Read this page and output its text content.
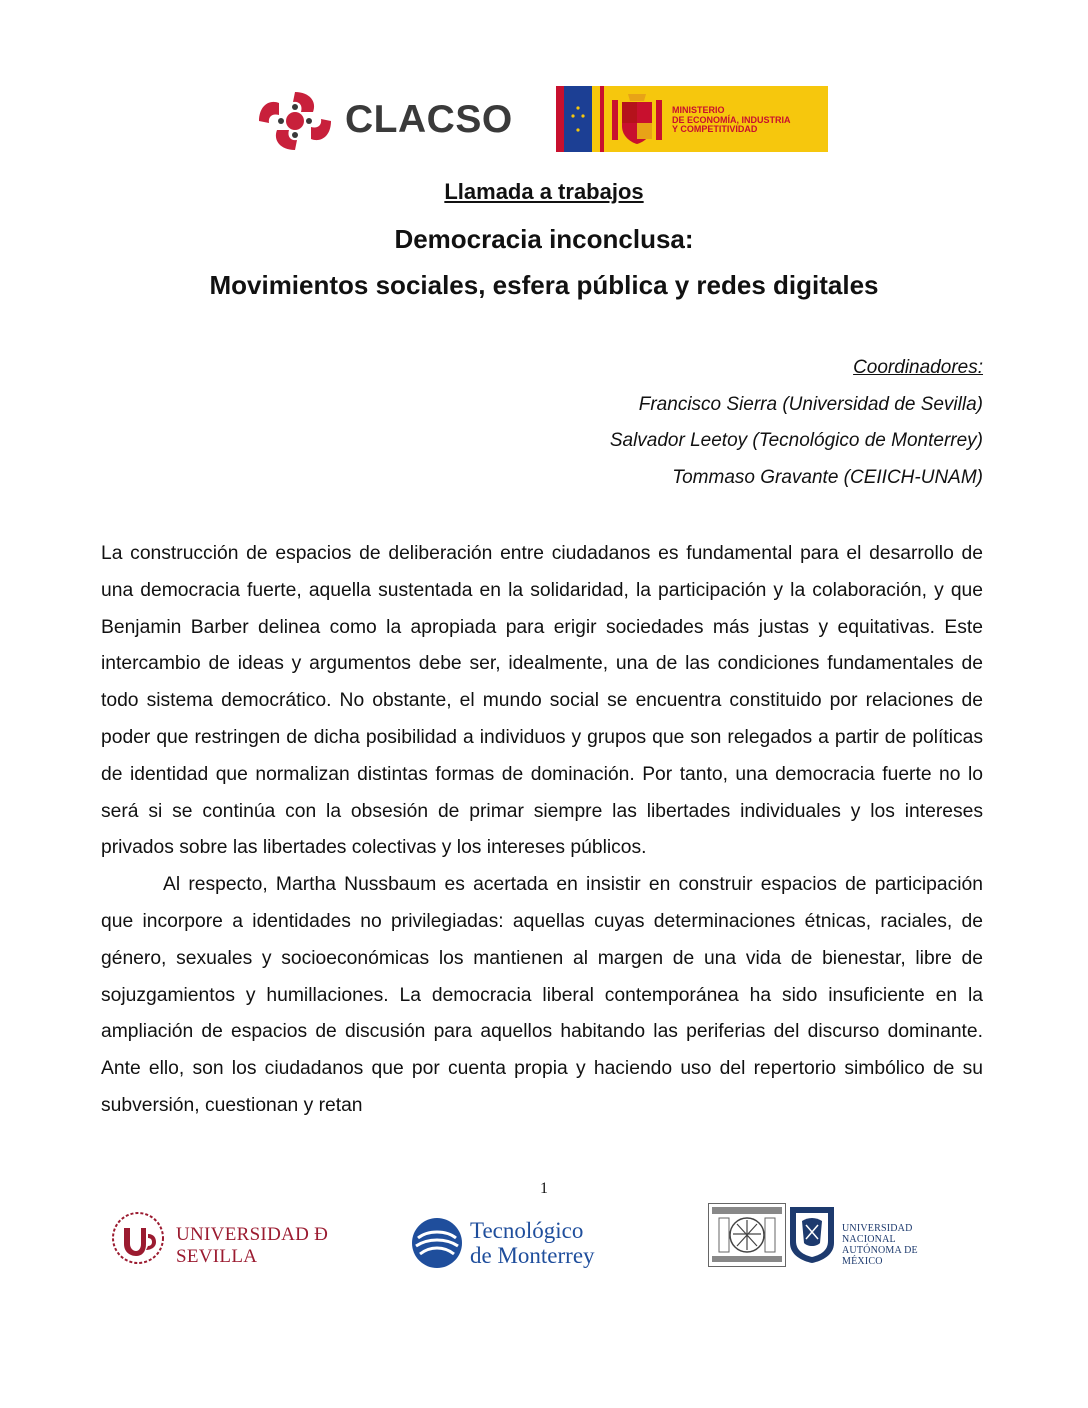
CLACSO	MINISTERIO
DE ECONOMÍA, INDUSTRIA
Y COMPETITIVIDAD
Llamada a trabajos
Democracia inconclusa:
Movimientos sociales, esfera pública y redes digitales
Coordinadores:
Francisco Sierra (Universidad de Sevilla)
Salvador Leetoy (Tecnológico de Monterrey)
Tommaso Gravante (CEIICH-UNAM)

La construcción de espacios de deliberación entre ciudadanos es fundamental para el desarrollo de una democracia fuerte, aquella sustentada en la solidaridad, la participación y la colaboración, y que Benjamin Barber delinea como la apropiada para erigir sociedades más justas y equitativas. Este intercambio de ideas y argumentos debe ser, idealmente, una de las condiciones fundamentales de todo sistema democrático. No obstante, el mundo social se encuentra constituido por relaciones de poder que restringen de dicha posibilidad a individuos y grupos que son relegados a partir de políticas de identidad que normalizan distintas formas de dominación. Por tanto, una democracia fuerte no lo será si se continúa con la obsesión de primar siempre las libertades individuales y los intereses privados sobre las libertades colectivas y los intereses públicos.

Al respecto, Martha Nussbaum es acertada en insistir en construir espacios de participación que incorpore a identidades no privilegiadas: aquellas cuyas determinaciones étnicas, raciales, de género, sexuales y socioeconómicas los mantienen al margen de una vida de bienestar, libre de sojuzgamientos y humillaciones. La democracia liberal contemporánea ha sido insuficiente en la ampliación de espacios de discusión para aquellos habitando las periferias del discurso dominante. Ante ello, son los ciudadanos que por cuenta propia y haciendo uso del repertorio simbólico de su subversión, cuestionan y retan

1
UNIVERSIDAD Ð SEVILLA
Tecnológico
de Monterrey
UNIVERSIDAD NACIONAL
AUTÓNOMA DE MÉXICO
